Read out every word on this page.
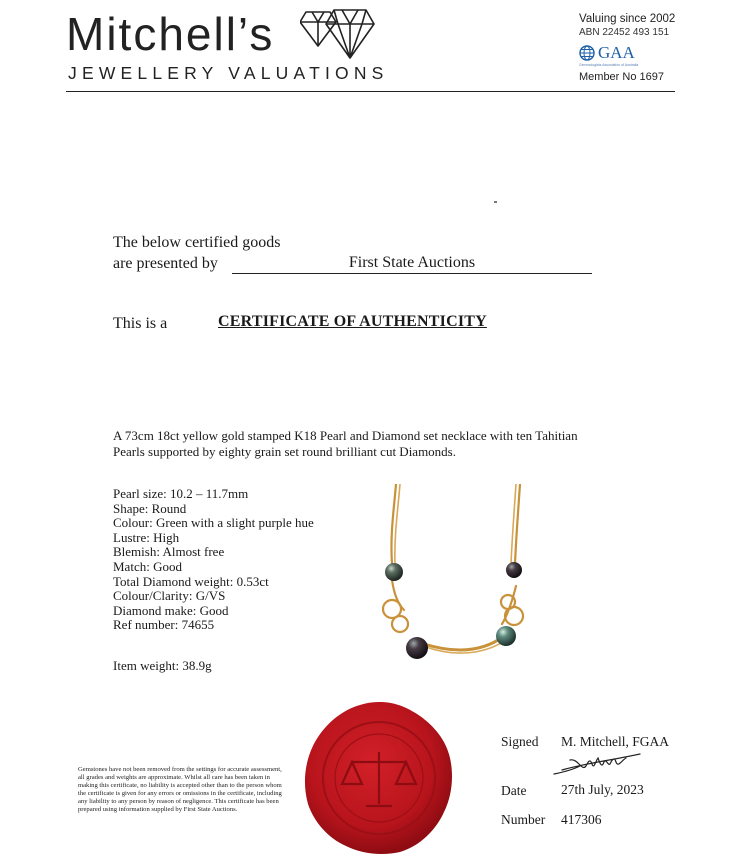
Mitchell’s
JEWELLERY VALUATIONS
Valuing since 2002
ABN 22452 493 151
GAA
Gemmologists Association of Australia
Member No 1697
The below certified goods
are presented by	First State Auctions
This is a	CERTIFICATE OF AUTHENTICITY
A 73cm 18ct yellow gold stamped K18 Pearl and Diamond set necklace with ten Tahitian Pearls supported by eighty grain set round brilliant cut Diamonds.
Pearl size: 10.2 – 11.7mm
Shape: Round
Colour: Green with a slight purple hue
Lustre: High
Blemish: Almost free
Match: Good
Total Diamond weight: 0.53ct
Colour/Clarity: G/VS
Diamond make: Good
Ref number: 74655
Item weight: 38.9g
Gemstones have not been removed from the settings for accurate assessment, all grades and weights are approximate. Whilst all care has been taken in making this certificate, no liability is accepted other than to the person whom the certificate is given for any errors or omissions in the certificate, including any liability to any person by reason of negligence. This certificate has been prepared using information supplied by First State Auctions.
Signed M. Mitchell, FGAA
Date	27th July, 2023
Number 417306
